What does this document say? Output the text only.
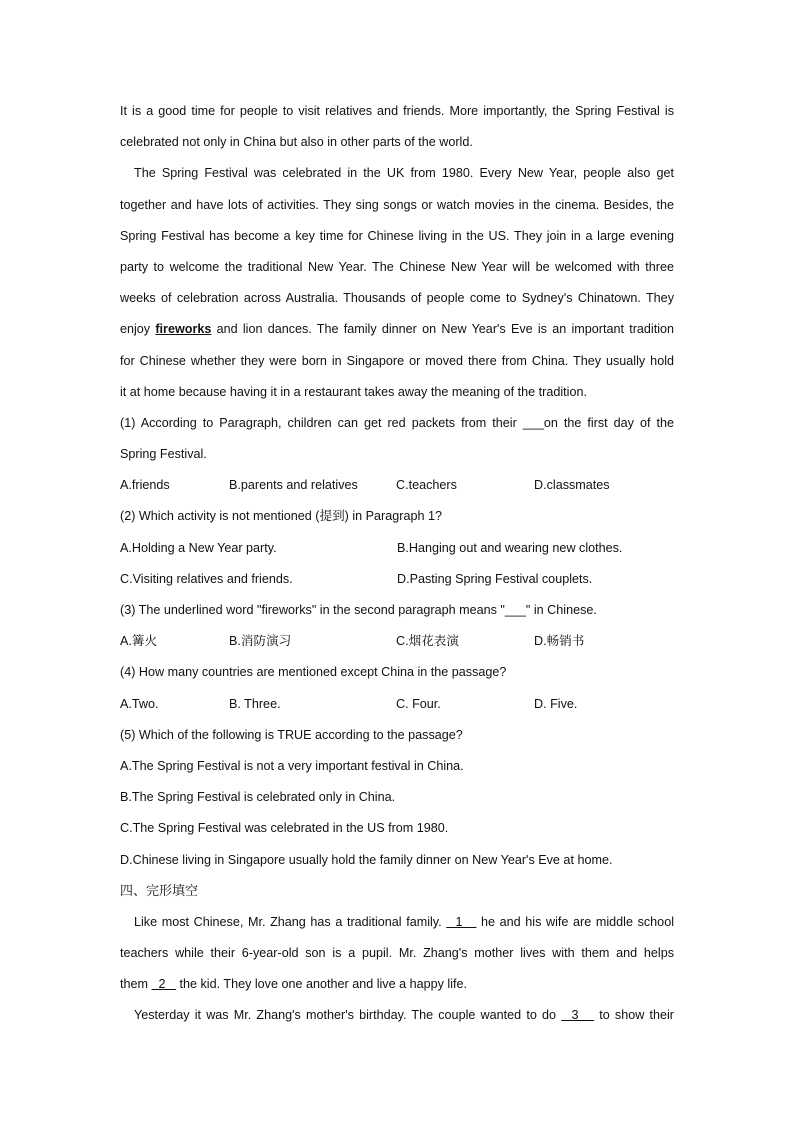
It is a good time for people to visit relatives and friends. More importantly, the Spring Festival is
celebrated not only in China but also in other parts of the world.
The Spring Festival was celebrated in the UK from 1980. Every New Year, people also get
together and have lots of activities. They sing songs or watch movies in the cinema. Besides, the
Spring Festival has become a key time for Chinese living in the US. They join in a large evening
party to welcome the traditional New Year. The Chinese New Year will be welcomed with three
weeks of celebration across Australia. Thousands of people come to Sydney's Chinatown. They
enjoy fireworks and lion dances. The family dinner on New Year's Eve is an important tradition
for Chinese whether they were born in Singapore or moved there from China. They usually hold
it at home because having it in a restaurant takes away the meaning of the tradition.
(1) According to Paragraph, children can get red packets from their ___on the first day of the
Spring Festival.
A.friends	B.parents and relatives	C.teachers	D.classmates
(2) Which activity is not mentioned (提到) in Paragraph 1?
A.Holding a New Year party.	B.Hanging out and wearing new clothes.
C.Visiting relatives and friends.	D.Pasting Spring Festival couplets.
(3) The underlined word "fireworks" in the second paragraph means "___" in Chinese.
A.篝火	B.消防演习	C.烟花表演	D.畅销书
(4) How many countries are mentioned except China in the passage?
A.Two.	B. Three.	C. Four.	D. Five.
(5) Which of the following is TRUE according to the passage?
A.The Spring Festival is not a very important festival in China.
B.The Spring Festival is celebrated only in China.
C.The Spring Festival was celebrated in the US from 1980.
D.Chinese living in Singapore usually hold the family dinner on New Year's Eve at home.
四、完形填空
Like most Chinese, Mr. Zhang has a traditional family.   1    he and his wife are middle school
teachers while their 6-year-old son is a pupil. Mr. Zhang's mother lives with them and helps
them   2    the kid. They love one another and live a happy life.
Yesterday it was Mr. Zhang's mother's birthday. The couple wanted to do   3    to show their
